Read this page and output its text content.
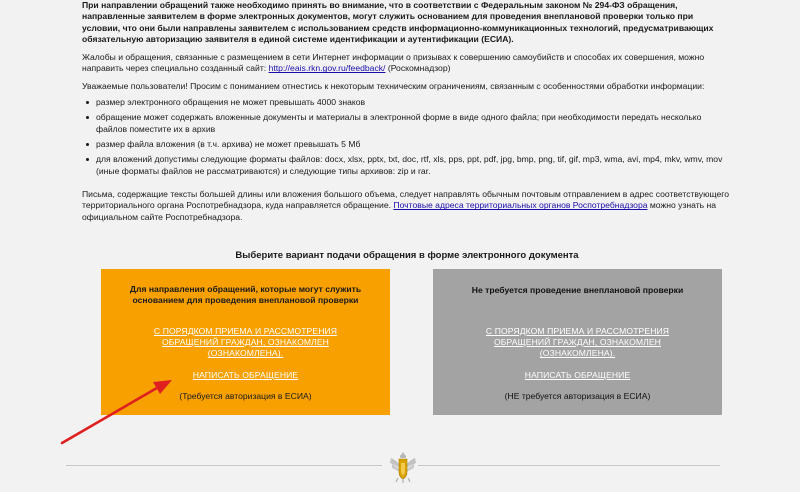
При направлении обращений также необходимо принять во внимание, что в соответствии с Федеральным законом № 294-ФЗ обращения, направленные заявителем в форме электронных документов, могут служить основанием для проведения внеплановой проверки только при условии, что они были направлены заявителем с использованием средств информационно-коммуникационных технологий, предусматривающих обязательную авторизацию заявителя в единой системе идентификации и аутентификации (ЕСИА).

Жалобы и обращения, связанные с размещением в сети Интернет информации о призывах к совершению самоубийств и способах их совершения, можно направить через специально созданный сайт: http://eais.rkn.gov.ru/feedback/ (Роскомнадзор)

Уважаемые пользователи! Просим с пониманием отнестись к некоторым техническим ограничениям, связанным с особенностями обработки информации:

размер электронного обращения не может превышать 4000 знаков
обращение может содержать вложенные документы и материалы в электронной форме в виде одного файла; при необходимости передать несколько файлов поместите их в архив
размер файла вложения (в т.ч. архива) не может превышать 5 Мб
для вложений допустимы следующие форматы файлов: docx, xlsx, pptx, txt, doc, rtf, xls, pps, ppt, pdf, jpg, bmp, png, tif, gif, mp3, wma, avi, mp4, mkv, wmv, mov (иные форматы файлов не рассматриваются) и следующие типы архивов: zip и rar.

Письма, содержащие тексты большей длины или вложения большого объема, следует направлять обычным почтовым отправлением в адрес соответствующего территориального органа Роспотребнадзора, куда направляется обращение. Почтовые адреса территориальных органов Роспотребнадзора можно узнать на официальном сайте Роспотребнадзора.

Выберите вариант подачи обращения в форме электронного документа
Для направления обращений, которые могут служить основанием для проведения внеплановой проверки
С ПОРЯДКОМ ПРИЕМА И РАССМОТРЕНИЯ ОБРАЩЕНИЙ ГРАЖДАН, ОЗНАКОМЛЕН (ОЗНАКОМЛЕНА).
НАПИСАТЬ ОБРАЩЕНИЕ
(Требуется авторизация в ЕСИА)
Не требуется проведение внеплановой проверки
С ПОРЯДКОМ ПРИЕМА И РАССМОТРЕНИЯ ОБРАЩЕНИЙ ГРАЖДАН, ОЗНАКОМЛЕН (ОЗНАКОМЛЕНА).
НАПИСАТЬ ОБРАЩЕНИЕ
(НЕ требуется авторизация в ЕСИА)
